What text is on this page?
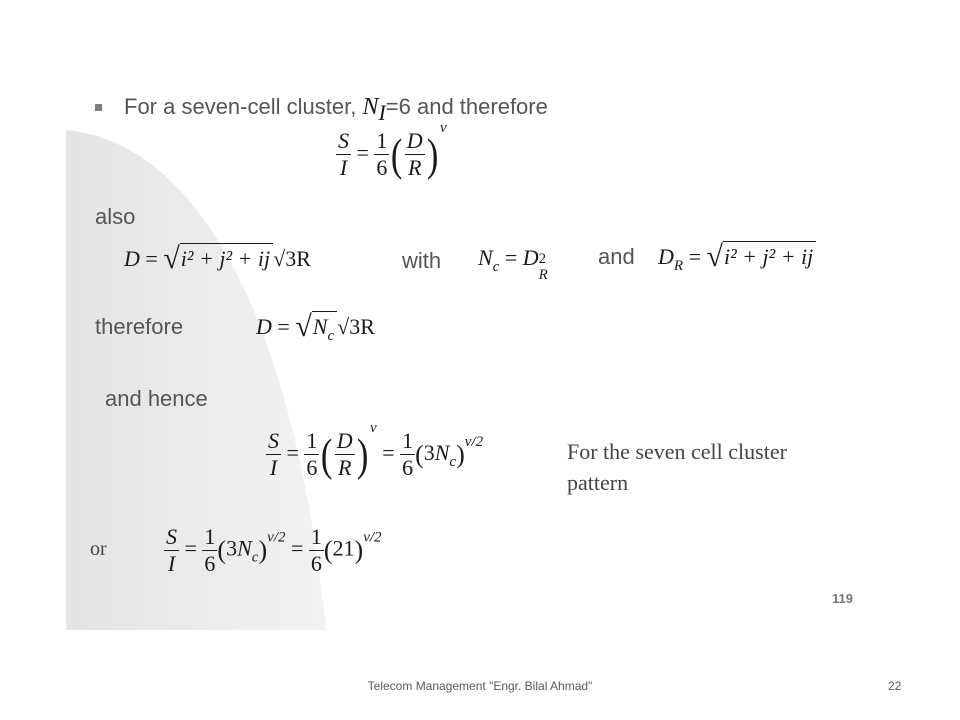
For a seven-cell cluster, $N_I=6$ and therefore
$\frac{S}{I} = \frac{1}{6}$ ( $\frac{D}{R} )^v$
also
D = √i² + j² + ij √3R	with $N_c = D$ 2
R
and $D_R = √i^2 + j^2$ + ij
therefore	$D = √N_c$ √3R
and hence
$\frac{S}{I} = \frac{1}{6}$ ( $\frac{D}{R} )^v = \frac{1}{6} (3N_c)^{v/2}$	For the seven cell cluster
pattern
or	$\frac{S}{I} = \frac{1}{6} (3N_c)^{v/2} = \frac{1}{6} (21)^{v/2}$
119
Telecom Management "Engr. Bilal Ahmad"	22
